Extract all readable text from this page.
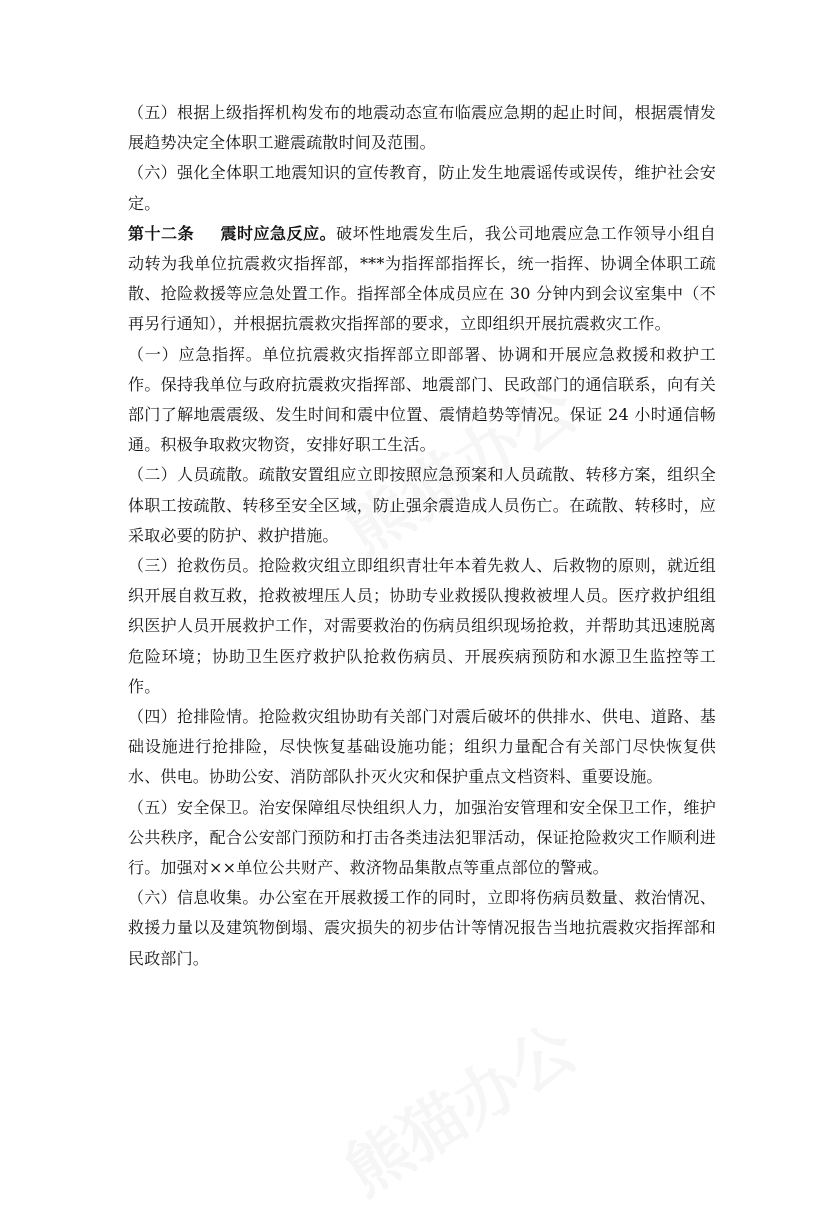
（五）根据上级指挥机构发布的地震动态宣布临震应急期的起止时间，根据震情发展趋势决定全体职工避震疏散时间及范围。

（六）强化全体职工地震知识的宣传教育，防止发生地震谣传或误传，维护社会安定。

第十二条 震时应急反应。破坏性地震发生后，我公司地震应急工作领导小组自动转为我单位抗震救灾指挥部，***为指挥部指挥长，统一指挥、协调全体职工疏散、抢险救援等应急处置工作。指挥部全体成员应在 30 分钟内到会议室集中（不再另行通知），并根据抗震救灾指挥部的要求，立即组织开展抗震救灾工作。

（一）应急指挥。单位抗震救灾指挥部立即部署、协调和开展应急救援和救护工作。保持我单位与政府抗震救灾指挥部、地震部门、民政部门的通信联系，向有关部门了解地震震级、发生时间和震中位置、震情趋势等情况。保证 24 小时通信畅通。积极争取救灾物资，安排好职工生活。

（二）人员疏散。疏散安置组应立即按照应急预案和人员疏散、转移方案，组织全体职工按疏散、转移至安全区域，防止强余震造成人员伤亡。在疏散、转移时，应采取必要的防护、救护措施。

（三）抢救伤员。抢险救灾组立即组织青壮年本着先救人、后救物的原则，就近组织开展自救互救，抢救被埋压人员；协助专业救援队搜救被埋人员。医疗救护组组织医护人员开展救护工作，对需要救治的伤病员组织现场抢救，并帮助其迅速脱离危险环境；协助卫生医疗救护队抢救伤病员、开展疾病预防和水源卫生监控等工作。

（四）抢排险情。抢险救灾组协助有关部门对震后破坏的供排水、供电、道路、基础设施进行抢排险，尽快恢复基础设施功能；组织力量配合有关部门尽快恢复供水、供电。协助公安、消防部队扑灭火灾和保护重点文档资料、重要设施。

（五）安全保卫。治安保障组尽快组织人力，加强治安管理和安全保卫工作，维护公共秩序，配合公安部门预防和打击各类违法犯罪活动，保证抢险救灾工作顺利进行。加强对××单位公共财产、救济物品集散点等重点部位的警戒。

（六）信息收集。办公室在开展救援工作的同时，立即将伤病员数量、救治情况、救援力量以及建筑物倒塌、震灾损失的初步估计等情况报告当地抗震救灾指挥部和民政部门。
